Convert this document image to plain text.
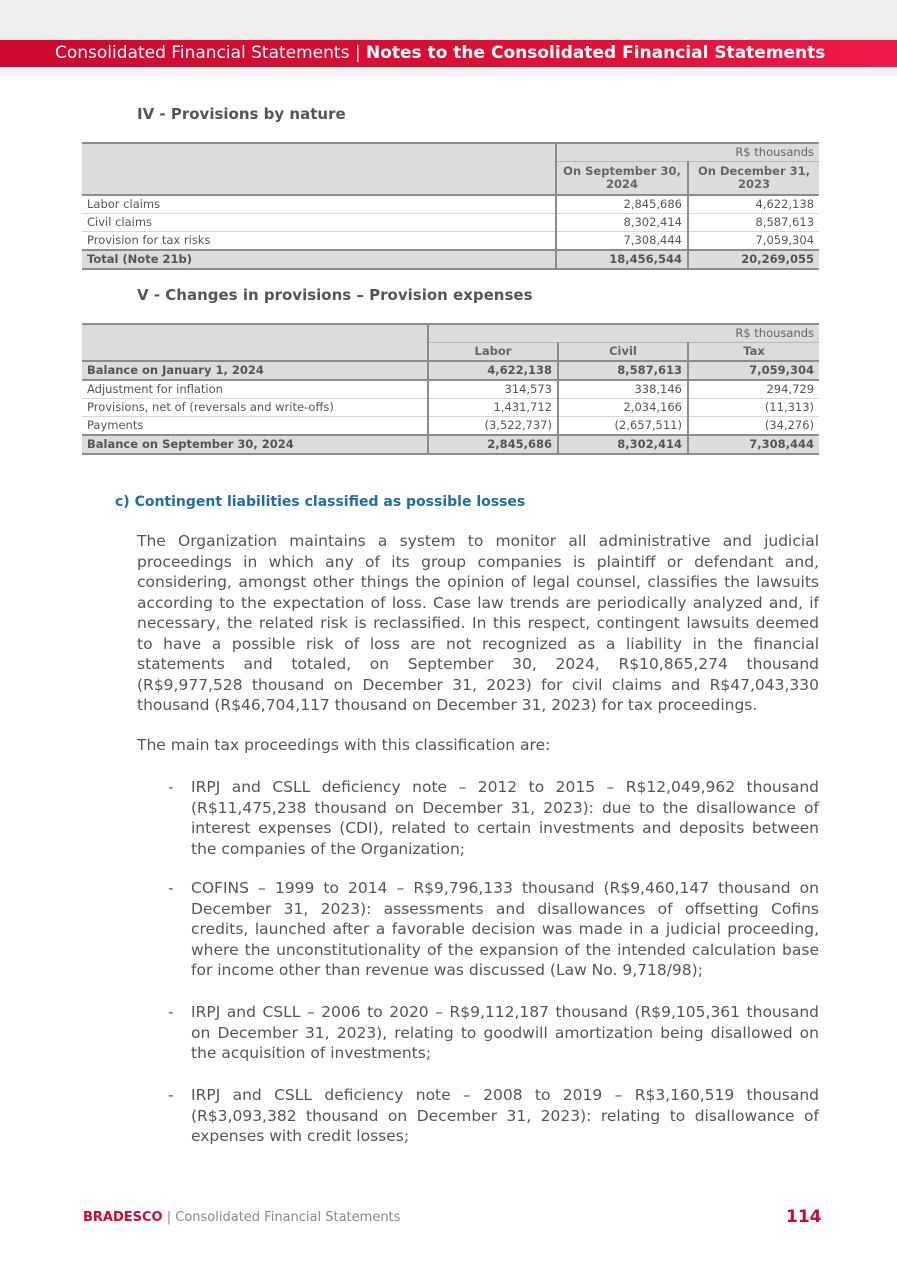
Consolidated Financial Statements | Notes to the Consolidated Financial Statements
IV - Provisions by nature
	R$ thousands	
	On September 30, 2024	On December 31, 2023
Labor claims	2,845,686	4,622,138
Civil claims	8,302,414	8,587,613
Provision for tax risks	7,308,444	7,059,304
Total (Note 21b)	18,456,544	20,269,055
V - Changes in provisions – Provision expenses
	R$ thousands		
	Labor	Civil	Tax
Balance on January 1, 2024	4,622,138	8,587,613	7,059,304
Adjustment for inflation	314,573	338,146	294,729
Provisions, net of (reversals and write-offs)	1,431,712	2,034,166	(11,313)
Payments	(3,522,737)	(2,657,511)	(34,276)
Balance on September 30, 2024	2,845,686	8,302,414	7,308,444
c) Contingent liabilities classified as possible losses

The Organization maintains a system to monitor all administrative and judicial proceedings in which any of its group companies is plaintiff or defendant and, considering, amongst other things the opinion of legal counsel, classifies the lawsuits according to the expectation of loss. Case law trends are periodically analyzed and, if necessary, the related risk is reclassified. In this respect, contingent lawsuits deemed to have a possible risk of loss are not recognized as a liability in the financial statements and totaled, on September 30, 2024, R$10,865,274 thousand (R$9,977,528 thousand on December 31, 2023) for civil claims and R$47,043,330 thousand (R$46,704,117 thousand on December 31, 2023) for tax proceedings.

The main tax proceedings with this classification are:

- IRPJ and CSLL deficiency note – 2012 to 2015 – R$12,049,962 thousand (R$11,475,238 thousand on December 31, 2023): due to the disallowance of interest expenses (CDI), related to certain investments and deposits between the companies of the Organization;

- COFINS – 1999 to 2014 – R$9,796,133 thousand (R$9,460,147 thousand on December 31, 2023): assessments and disallowances of offsetting Cofins credits, launched after a favorable decision was made in a judicial proceeding, where the unconstitutionality of the expansion of the intended calculation base for income other than revenue was discussed (Law No. 9,718/98);

- IRPJ and CSLL – 2006 to 2020 – R$9,112,187 thousand (R$9,105,361 thousand on December 31, 2023), relating to goodwill amortization being disallowed on the acquisition of investments;

- IRPJ and CSLL deficiency note – 2008 to 2019 – R$3,160,519 thousand (R$3,093,382 thousand on December 31, 2023): relating to disallowance of expenses with credit losses;

BRADESCO | Consolidated Financial Statements	114
